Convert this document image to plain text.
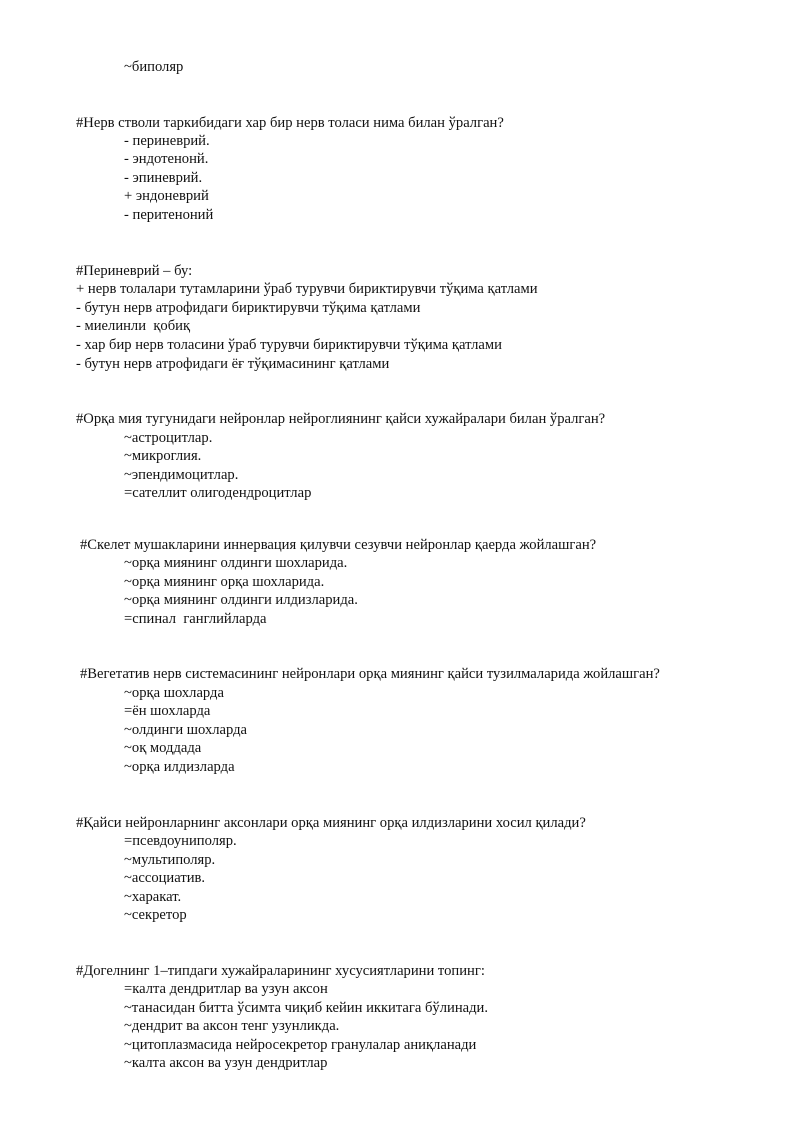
~биполяр
#Нерв стволи таркибидаги хар бир нерв толаси нима билан ўралган?
- периневрий.
- эндотенонй.
- эпиневрий.
+ эндоневрий
- перитеноний
#Периневрий – бу:
+ нерв толалари тутамларини ўраб турувчи бириктирувчи тўқима қатлами
- бутун нерв атрофидаги бириктирувчи тўқима қатлами
- миелинли  қобиқ
- хар бир нерв толасини ўраб турувчи бириктирувчи тўқима қатлами
- бутун нерв атрофидаги ёғ тўқимасининг қатлами
#Орқа мия тугунидаги нейронлар нейроглиянинг қайси хужайралари билан ўралган?
~астроцитлар.
~микроглия.
~эпендимоцитлар.
=сателлит олигодендроцитлар
#Скелет мушакларини иннервация қилувчи сезувчи нейронлар қаерда жойлашган?
~орқа миянинг олдинги шохларида.
~орқа миянинг орқа шохларида.
~орқа миянинг олдинги илдизларида.
=спинал  ганглийларда
#Вегетатив нерв системасининг нейронлари орқа миянинг қайси тузилмаларида жойлашган?
~орқа шохларда
=ён шохларда
~олдинги шохларда
~оқ моддада
~орқа илдизларда
#Қайси нейронларнинг аксонлари орқа миянинг орқа илдизларини хосил қилади?
=псевдоуниполяр.
~мультиполяр.
~ассоциатив.
~харакат.
~секретор
#Догелнинг 1–типдаги хужайраларининг хусусиятларини топинг:
=калта дендритлар ва узун аксон
~танасидан битта ўсимта чиқиб кейин иккитага бўлинади.
~дендрит ва аксон тенг узунликда.
~цитоплазмасида нейросекретор гранулалар аниқланади
~калта аксон ва узун дендритлар
